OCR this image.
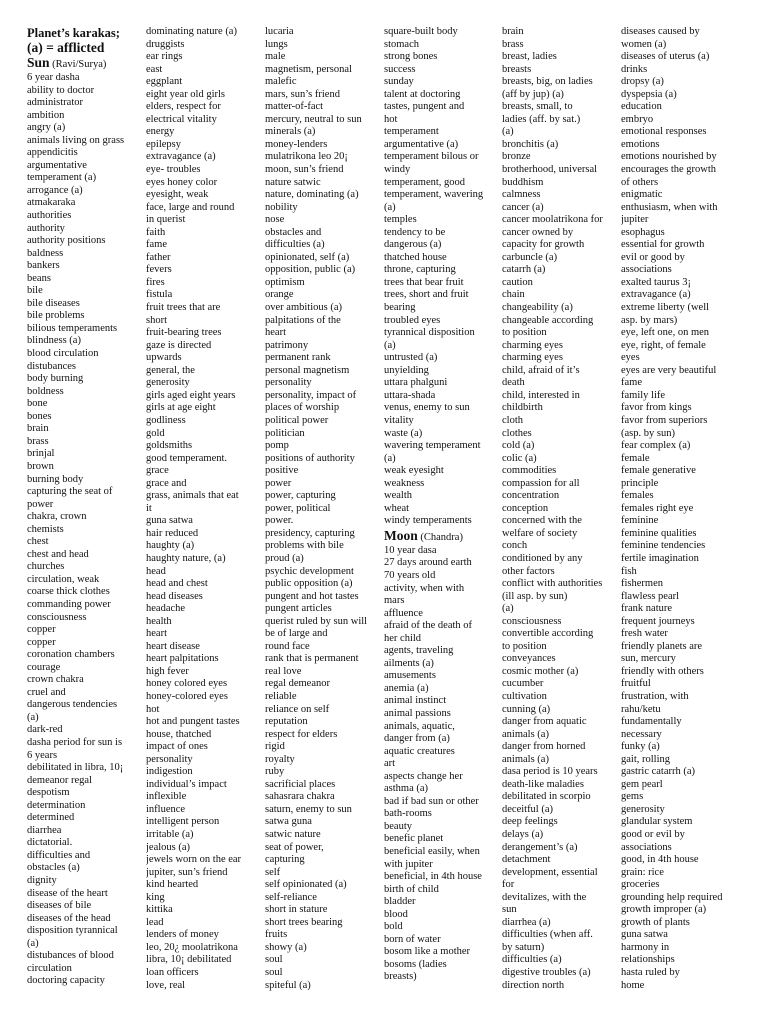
Planet’s karakas;
(a) = afflicted
Sun (Ravi/Surya)
6 year dasha
ability to doctor
administrator
ambition
angry (a)
animals living on grass
appendicitis
argumentative
temperament (a)
arrogance (a)
atmakaraka
authorities
authority
authority positions
baldness
bankers
beans
bile
bile diseases
bile problems
bilious temperaments
blindness (a)
blood circulation
distubances
body burning
boldness
bone
bones
brain
brass
brinjal
brown
burning body
capturing the seat of
power
chakra, crown
chemists
chest
chest and head
churches
circulation, weak
coarse thick clothes
commanding power
consciousness
copper
copper
coronation chambers
courage
crown chakra
cruel and
dangerous tendencies
(a)
dark-red
dasha period for sun is
6 years
debilitated in libra, 10¡
demeanor regal
despotism
determination
determined
diarrhea
dictatorial.
difficulties and
obstacles (a)
dignity
disease of the heart
diseases of bile
diseases of the head
disposition tyrannical
(a)
distubances of blood
circulation
doctoring capacity
dominating nature (a)
druggists
ear rings
east
eggplant
eight year old girls
elders, respect for
electrical vitality
energy
epilepsy
extravagance (a)
eye- troubles
eyes honey color
eyesight, weak
face, large and round
in querist
faith
fame
father
fevers
fires
fistula
fruit trees that are
short
fruit-bearing trees
gaze is directed
upwards
general, the
generosity
girls aged eight years
girls at age eight
godliness
gold
goldsmiths
good temperament.
grace
grace and
grass, animals that eat
it
guna satwa
hair reduced
haughty (a)
haughty nature, (a)
head
head and chest
head diseases
headache
health
heart
heart disease
heart palpitations
high fever
honey colored eyes
honey-colored eyes
hot
hot and pungent tastes
house, thatched
impact of ones
personality
indigestion
individual’s impact
inflexible
influence
intelligent person
irritable (a)
jealous (a)
jewels worn on the ear
jupiter, sun’s friend
kind hearted
king
kittika
lead
lenders of money
leo, 20¿ moolatrikona
libra, 10¡ debilitated
loan officers
love, real
lucaria
lungs
male
magnetism, personal
malefic
mars, sun’s friend
matter-of-fact
mercury, neutral to sun
minerals (a)
money-lenders
mulatrikona leo 20¡
moon, sun’s friend
nature satwic
nature, dominating (a)
nobility
nose
obstacles and
difficulties (a)
opinionated, self (a)
opposition, public (a)
optimism
orange
over ambitious (a)
palpitations of the
heart
patrimony
permanent rank
personal magnetism
personality
personality, impact of
places of worship
political power
politician
pomp
positions of authority
positive
power
power, capturing
power, political
power.
presidency, capturing
problems with bile
proud (a)
psychic development
public opposition (a)
pungent and hot tastes
pungent articles
querist ruled by sun will
be of large and
round face
rank that is permanent
real love
regal demeanor
reliable
reliance on self
reputation
respect for elders
rigid
royalty
ruby
sacrificial places
sahasrara chakra
saturn, enemy to sun
satwa guna
satwic nature
seat of power,
capturing
self
self opinionated (a)
self-reliance
short in stature
short trees bearing
fruits
showy (a)
soul
soul
spiteful (a)
square-built body
stomach
strong bones
success
sunday
talent at doctoring
tastes, pungent and
hot
temperament
argumentative (a)
temperament bilous or
windy
temperament, good
temperament, wavering
(a)
temples
tendency to be
dangerous (a)
thatched house
throne, capturing
trees that bear fruit
trees, short and fruit
bearing
troubled eyes
tyrannical disposition
(a)
untrusted (a)
unyielding
uttara phalguni
uttara-shada
venus, enemy to sun
vitality
waste (a)
wavering temperament
(a)
weak eyesight
weakness
wealth
wheat
windy temperaments
Moon (Chandra)
10 year dasa
27 days around earth
70 years old
activity, when with
mars
affluence
afraid of the death of
her child
agents, traveling
ailments (a)
amusements
anemia (a)
animal instinct
animal passions
animals, aquatic,
danger from (a)
aquatic creatures
art
aspects change her
asthma (a)
bad if bad sun or other
bath-rooms
beauty
benefic planet
beneficial easily, when
with jupiter
beneficial, in 4th house
birth of child
bladder
blood
bold
born of water
bosom like a mother
bosoms (ladies
breasts)
brain
brass
breast, ladies
breasts
breasts, big, on ladies
(aff by jup) (a)
breasts, small, to
ladies (aff. by sat.)
(a)
bronchitis (a)
bronze
brotherhood, universal
buddhism
calmness
cancer (a)
cancer moolatrikona for
cancer owned by
capacity for growth
carbuncle (a)
catarrh (a)
caution
chain
changeability (a)
changeable according
to position
charming eyes
charming eyes
child, afraid of it’s
death
child, interested in
childbirth
cloth
clothes
cold (a)
colic (a)
commodities
compassion for all
concentration
conception
concerned with the
welfare of society
conch
conditioned by any
other factors
conflict with authorities
(ill asp. by sun)
(a)
consciousness
convertible according
to position
conveyances
cosmic mother (a)
cucumber
cultivation
cunning (a)
danger from aquatic
animals (a)
danger from horned
animals (a)
dasa period is 10 years
death-like maladies
debilitated in scorpio
deceitful (a)
deep feelings
delays (a)
derangement’s (a)
detachment
development, essential
for
devitalizes, with the
sun
diarrhea (a)
difficulties (when aff.
by saturn)
difficulties (a)
digestive troubles (a)
direction north
diseases caused by
women (a)
diseases of uterus (a)
drinks
dropsy (a)
dyspepsia (a)
education
embryo
emotional responses
emotions
emotions nourished by
encourages the growth
of others
enigmatic
enthusiasm, when with
jupiter
esophagus
essential for growth
evil or good by
associations
exalted taurus 3¡
extravagance (a)
extreme liberty (well
asp. by mars)
eye, left one, on men
eye, right, of female
eyes
eyes are very beautiful
fame
family life
favor from kings
favor from superiors
(asp. by sun)
fear complex (a)
female
female generative
principle
females
females right eye
feminine
feminine qualities
feminine tendencies
fertile imagination
fish
fishermen
flawless pearl
frank nature
frequent journeys
fresh water
friendly planets are
sun, mercury
friendly with others
fruitful
frustration, with
rahu/ketu
fundamentally
necessary
funky (a)
gait, rolling
gastric catarrh (a)
gem pearl
gems
generosity
glandular system
good or evil by
associations
good, in 4th house
grain: rice
groceries
grounding help required
growth improper (a)
growth of plants
guna satwa
harmony in
relationships
hasta ruled by
home
